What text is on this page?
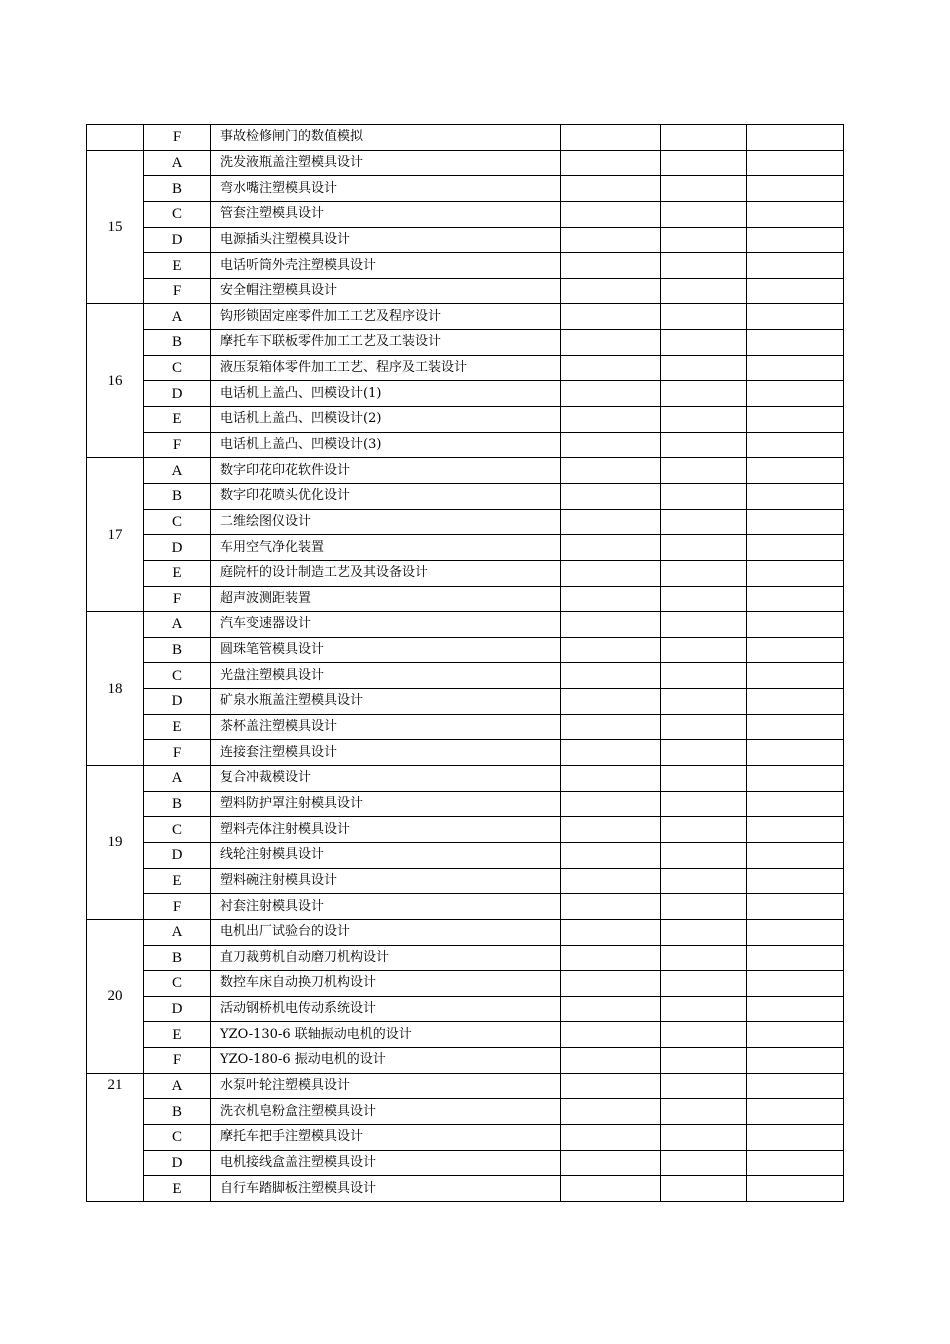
	F	事故检修闸门的数值模拟			
15	A	洗发液瓶盖注塑模具设计			
	B	弯水嘴注塑模具设计			
	C	管套注塑模具设计			
	D	电源插头注塑模具设计			
	E	电话听筒外壳注塑模具设计			
	F	安全帽注塑模具设计			
16	A	钩形锁固定座零件加工工艺及程序设计			
	B	摩托车下联板零件加工工艺及工装设计			
	C	液压泵箱体零件加工工艺、程序及工装设计			
	D	电话机上盖凸、凹模设计(1)			
	E	电话机上盖凸、凹模设计(2)			
	F	电话机上盖凸、凹模设计(3)			
17	A	数字印花印花软件设计			
	B	数字印花喷头优化设计			
	C	二维绘图仪设计			
	D	车用空气净化装置			
	E	庭院杆的设计制造工艺及其设备设计			
	F	超声波测距装置			
18	A	汽车变速器设计			
	B	圆珠笔管模具设计			
	C	光盘注塑模具设计			
	D	矿泉水瓶盖注塑模具设计			
	E	茶杯盖注塑模具设计			
	F	连接套注塑模具设计			
19	A	复合冲裁模设计			
	B	塑料防护罩注射模具设计			
	C	塑料壳体注射模具设计			
	D	线轮注射模具设计			
	E	塑料碗注射模具设计			
	F	衬套注射模具设计			
20	A	电机出厂试验台的设计			
	B	直刀裁剪机自动磨刀机构设计			
	C	数控车床自动换刀机构设计			
	D	活动钢桥机电传动系统设计			
	E	YZO-130-6 联轴振动电机的设计			
	F	YZO-180-6 振动电机的设计			
21	A	水泵叶轮注塑模具设计			
	B	洗衣机皂粉盒注塑模具设计			
	C	摩托车把手注塑模具设计			
	D	电机接线盒盖注塑模具设计			
	E	自行车踏脚板注塑模具设计			
